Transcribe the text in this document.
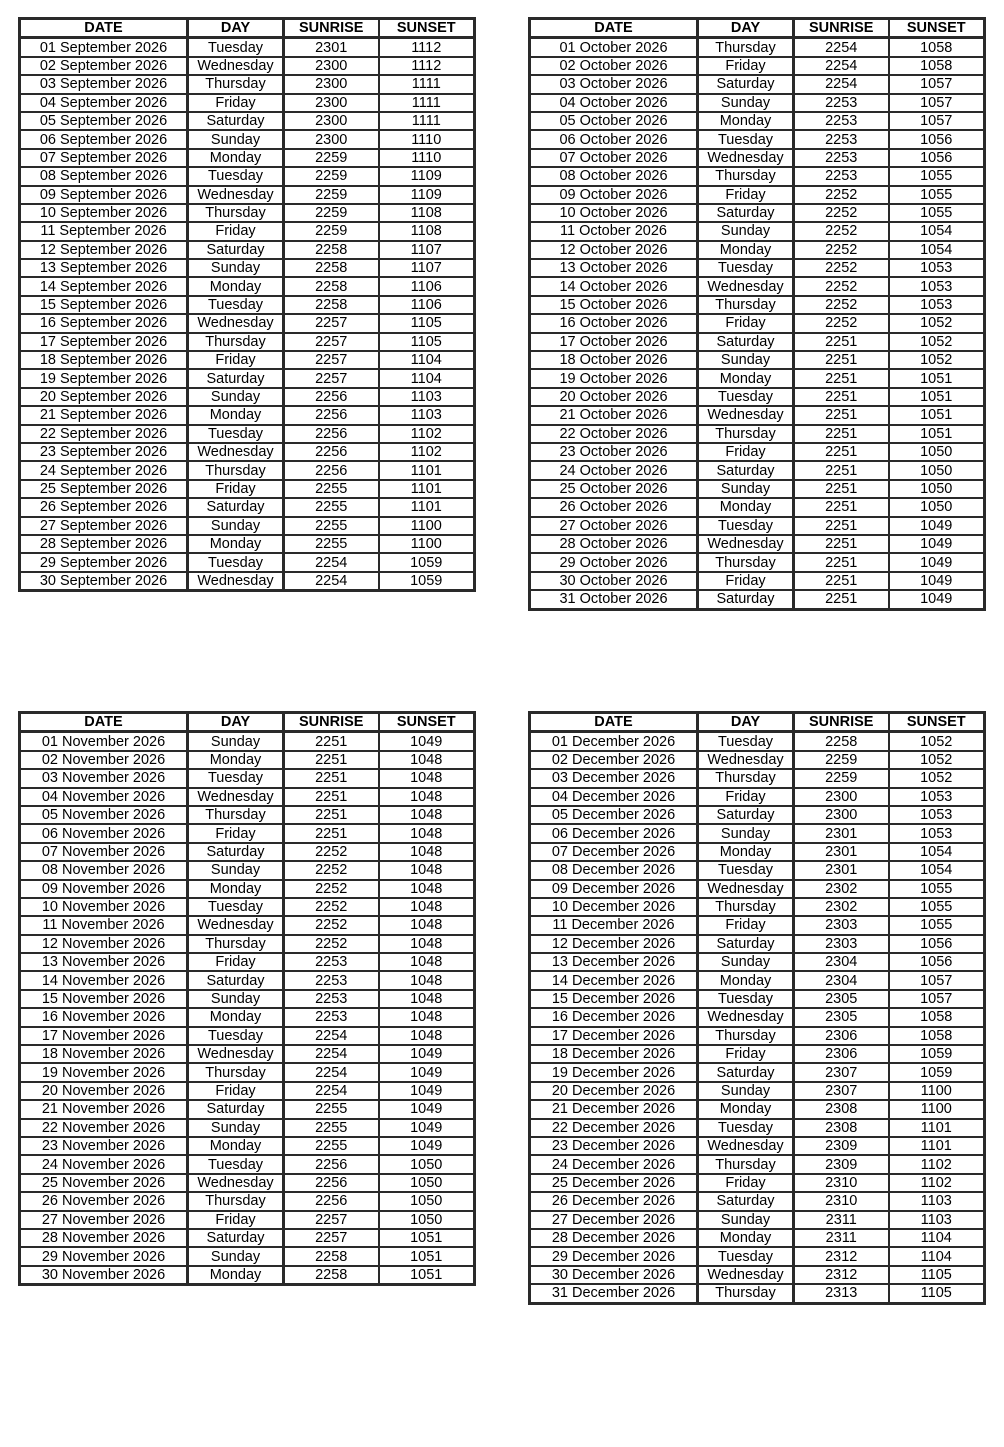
DATE	DAY	SUNRISE	SUNSET
01 September 2026	Tuesday	2301	1112
02 September 2026	Wednesday	2300	1112
03 September 2026	Thursday	2300	1111
04 September 2026	Friday	2300	1111
05 September 2026	Saturday	2300	1111
06 September 2026	Sunday	2300	1110
07 September 2026	Monday	2259	1110
08 September 2026	Tuesday	2259	1109
09 September 2026	Wednesday	2259	1109
10 September 2026	Thursday	2259	1108
11 September 2026	Friday	2259	1108
12 September 2026	Saturday	2258	1107
13 September 2026	Sunday	2258	1107
14 September 2026	Monday	2258	1106
15 September 2026	Tuesday	2258	1106
16 September 2026	Wednesday	2257	1105
17 September 2026	Thursday	2257	1105
18 September 2026	Friday	2257	1104
19 September 2026	Saturday	2257	1104
20 September 2026	Sunday	2256	1103
21 September 2026	Monday	2256	1103
22 September 2026	Tuesday	2256	1102
23 September 2026	Wednesday	2256	1102
24 September 2026	Thursday	2256	1101
25 September 2026	Friday	2255	1101
26 September 2026	Saturday	2255	1101
27 September 2026	Sunday	2255	1100
28 September 2026	Monday	2255	1100
29 September 2026	Tuesday	2254	1059
30 September 2026	Wednesday	2254	1059
DATE	DAY	SUNRISE	SUNSET
01 October 2026	Thursday	2254	1058
02 October 2026	Friday	2254	1058
03 October 2026	Saturday	2254	1057
04 October 2026	Sunday	2253	1057
05 October 2026	Monday	2253	1057
06 October 2026	Tuesday	2253	1056
07 October 2026	Wednesday	2253	1056
08 October 2026	Thursday	2253	1055
09 October 2026	Friday	2252	1055
10 October 2026	Saturday	2252	1055
11 October 2026	Sunday	2252	1054
12 October 2026	Monday	2252	1054
13 October 2026	Tuesday	2252	1053
14 October 2026	Wednesday	2252	1053
15 October 2026	Thursday	2252	1053
16 October 2026	Friday	2252	1052
17 October 2026	Saturday	2251	1052
18 October 2026	Sunday	2251	1052
19 October 2026	Monday	2251	1051
20 October 2026	Tuesday	2251	1051
21 October 2026	Wednesday	2251	1051
22 October 2026	Thursday	2251	1051
23 October 2026	Friday	2251	1050
24 October 2026	Saturday	2251	1050
25 October 2026	Sunday	2251	1050
26 October 2026	Monday	2251	1050
27 October 2026	Tuesday	2251	1049
28 October 2026	Wednesday	2251	1049
29 October 2026	Thursday	2251	1049
30 October 2026	Friday	2251	1049
31 October 2026	Saturday	2251	1049
DATE	DAY	SUNRISE	SUNSET
01 November 2026	Sunday	2251	1049
02 November 2026	Monday	2251	1048
03 November 2026	Tuesday	2251	1048
04 November 2026	Wednesday	2251	1048
05 November 2026	Thursday	2251	1048
06 November 2026	Friday	2251	1048
07 November 2026	Saturday	2252	1048
08 November 2026	Sunday	2252	1048
09 November 2026	Monday	2252	1048
10 November 2026	Tuesday	2252	1048
11 November 2026	Wednesday	2252	1048
12 November 2026	Thursday	2252	1048
13 November 2026	Friday	2253	1048
14 November 2026	Saturday	2253	1048
15 November 2026	Sunday	2253	1048
16 November 2026	Monday	2253	1048
17 November 2026	Tuesday	2254	1048
18 November 2026	Wednesday	2254	1049
19 November 2026	Thursday	2254	1049
20 November 2026	Friday	2254	1049
21 November 2026	Saturday	2255	1049
22 November 2026	Sunday	2255	1049
23 November 2026	Monday	2255	1049
24 November 2026	Tuesday	2256	1050
25 November 2026	Wednesday	2256	1050
26 November 2026	Thursday	2256	1050
27 November 2026	Friday	2257	1050
28 November 2026	Saturday	2257	1051
29 November 2026	Sunday	2258	1051
30 November 2026	Monday	2258	1051
DATE	DAY	SUNRISE	SUNSET
01 December 2026	Tuesday	2258	1052
02 December 2026	Wednesday	2259	1052
03 December 2026	Thursday	2259	1052
04 December 2026	Friday	2300	1053
05 December 2026	Saturday	2300	1053
06 December 2026	Sunday	2301	1053
07 December 2026	Monday	2301	1054
08 December 2026	Tuesday	2301	1054
09 December 2026	Wednesday	2302	1055
10 December 2026	Thursday	2302	1055
11 December 2026	Friday	2303	1055
12 December 2026	Saturday	2303	1056
13 December 2026	Sunday	2304	1056
14 December 2026	Monday	2304	1057
15 December 2026	Tuesday	2305	1057
16 December 2026	Wednesday	2305	1058
17 December 2026	Thursday	2306	1058
18 December 2026	Friday	2306	1059
19 December 2026	Saturday	2307	1059
20 December 2026	Sunday	2307	1100
21 December 2026	Monday	2308	1100
22 December 2026	Tuesday	2308	1101
23 December 2026	Wednesday	2309	1101
24 December 2026	Thursday	2309	1102
25 December 2026	Friday	2310	1102
26 December 2026	Saturday	2310	1103
27 December 2026	Sunday	2311	1103
28 December 2026	Monday	2311	1104
29 December 2026	Tuesday	2312	1104
30 December 2026	Wednesday	2312	1105
31 December 2026	Thursday	2313	1105
